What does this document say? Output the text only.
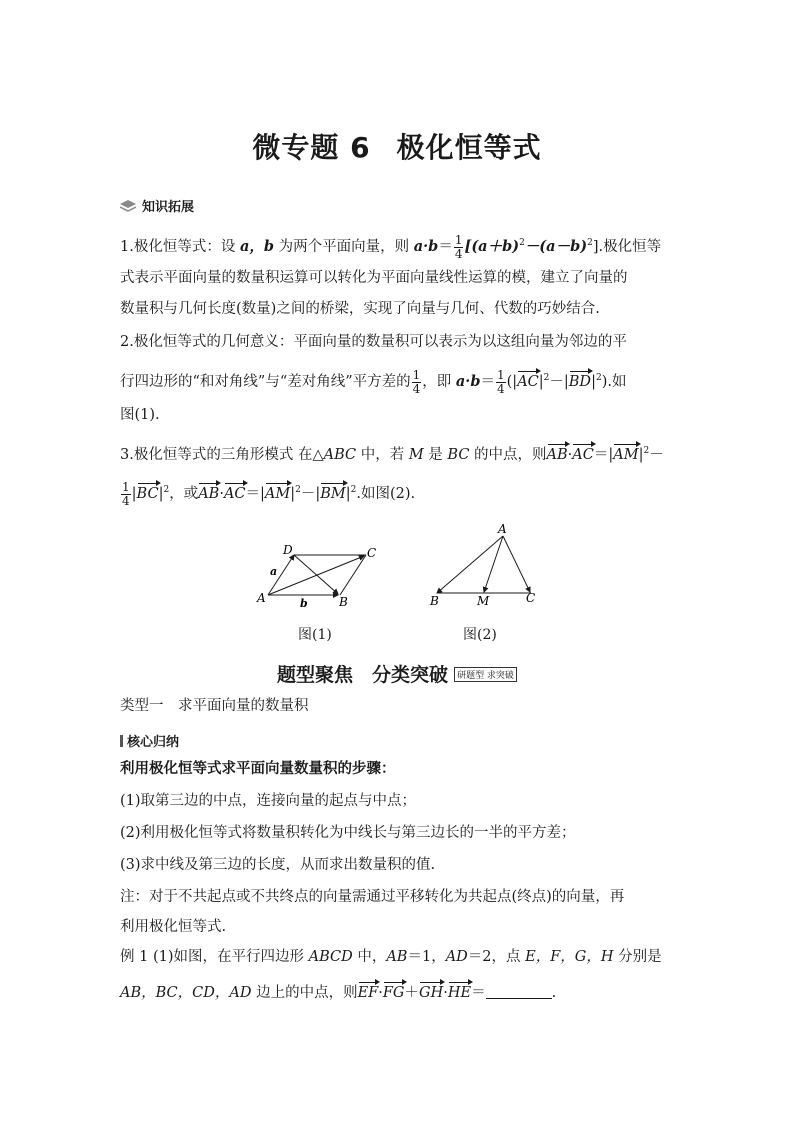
微专题 6 极化恒等式
知识拓展
1.极化恒等式：设 a，b 为两个平面向量，则 $a\cdot b= \frac{1}{4} [(a+b)^2-(a-b)^2]$.极化恒等
式表示平面向量的数量积运算可以转化为平面向量线性运算的模，建立了向量的
数量积与几何长度(数量)之间的桥梁，实现了向量与几何、代数的巧妙结合.
2.极化恒等式的几何意义：平面向量的数量积可以表示为以这组向量为邻边的平
行四边形的“和对角线”与“差对角线”平方差的 $\frac{1}{4}$ ，即 $a\cdot b= \frac{1}{4} (|AC|^2-|BD|^2)$.如
图(1).
3.极化恒等式的三角形模式 在△ABC 中，若 M 是 BC 的中点，则$AB\cdot AC=|AM|^2-$
$\frac{1}{4} |BC|^2$，或$AB\cdot AC=|AM|^2-|BM|^2$.如图(2).
A	B
C
D
a
b
图(1)
A
B	M	C
图(2)
题型聚焦　分类突破 研题型 求突破
类型一　求平面向量的数量积
核心归纳
利用极化恒等式求平面向量数量积的步骤：
(1)取第三边的中点，连接向量的起点与中点；
(2)利用极化恒等式将数量积转化为中线长与第三边长的一半的平方差；
(3)求中线及第三边的长度，从而求出数量积的值.
注：对于不共起点或不共终点的向量需通过平移转化为共起点(终点)的向量，再
利用极化恒等式.
例 1 (1)如图，在平行四边形 ABCD 中，AB＝1，AD＝2，点 E，F，G，H 分别是
AB，BC，CD，AD 边上的中点，则EF·FG＋GH·HE＝	.
